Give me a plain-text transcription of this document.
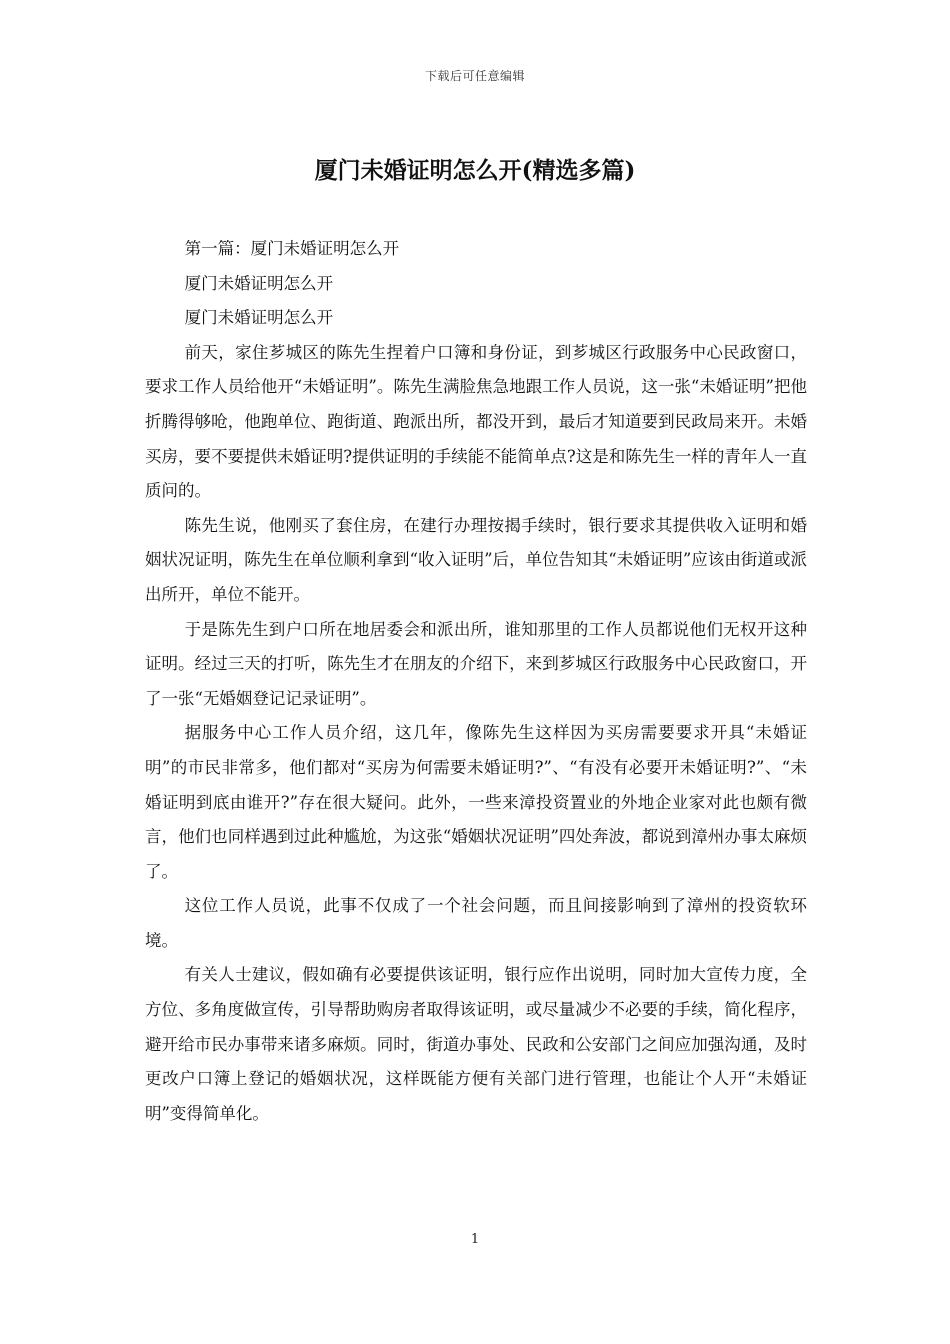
下载后可任意编辑
厦门未婚证明怎么开(精选多篇)

第一篇：厦门未婚证明怎么开

厦门未婚证明怎么开

厦门未婚证明怎么开

前天，家住芗城区的陈先生捏着户口簿和身份证，到芗城区行政服务中心民政窗口，要求工作人员给他开“未婚证明”。陈先生满脸焦急地跟工作人员说，这一张“未婚证明”把他折腾得够呛，他跑单位、跑街道、跑派出所，都没开到，最后才知道要到民政局来开。未婚买房，要不要提供未婚证明?提供证明的手续能不能简单点?这是和陈先生一样的青年人一直质问的。

陈先生说，他刚买了套住房，在建行办理按揭手续时，银行要求其提供收入证明和婚姻状况证明，陈先生在单位顺利拿到“收入证明”后，单位告知其“未婚证明”应该由街道或派出所开，单位不能开。

于是陈先生到户口所在地居委会和派出所，谁知那里的工作人员都说他们无权开这种证明。经过三天的打听，陈先生才在朋友的介绍下，来到芗城区行政服务中心民政窗口，开了一张“无婚姻登记记录证明”。

据服务中心工作人员介绍，这几年，像陈先生这样因为买房需要要求开具“未婚证明”的市民非常多，他们都对“买房为何需要未婚证明?”、“有没有必要开未婚证明?”、“未婚证明到底由谁开?”存在很大疑问。此外，一些来漳投资置业的外地企业家对此也颇有微言，他们也同样遇到过此种尴尬，为这张“婚姻状况证明”四处奔波，都说到漳州办事太麻烦了。

这位工作人员说，此事不仅成了一个社会问题，而且间接影响到了漳州的投资软环境。

有关人士建议，假如确有必要提供该证明，银行应作出说明，同时加大宣传力度，全方位、多角度做宣传，引导帮助购房者取得该证明，或尽量减少不必要的手续，简化程序，避开给市民办事带来诸多麻烦。同时，街道办事处、民政和公安部门之间应加强沟通，及时更改户口簿上登记的婚姻状况，这样既能方便有关部门进行管理，也能让个人开“未婚证明”变得简单化。

1
